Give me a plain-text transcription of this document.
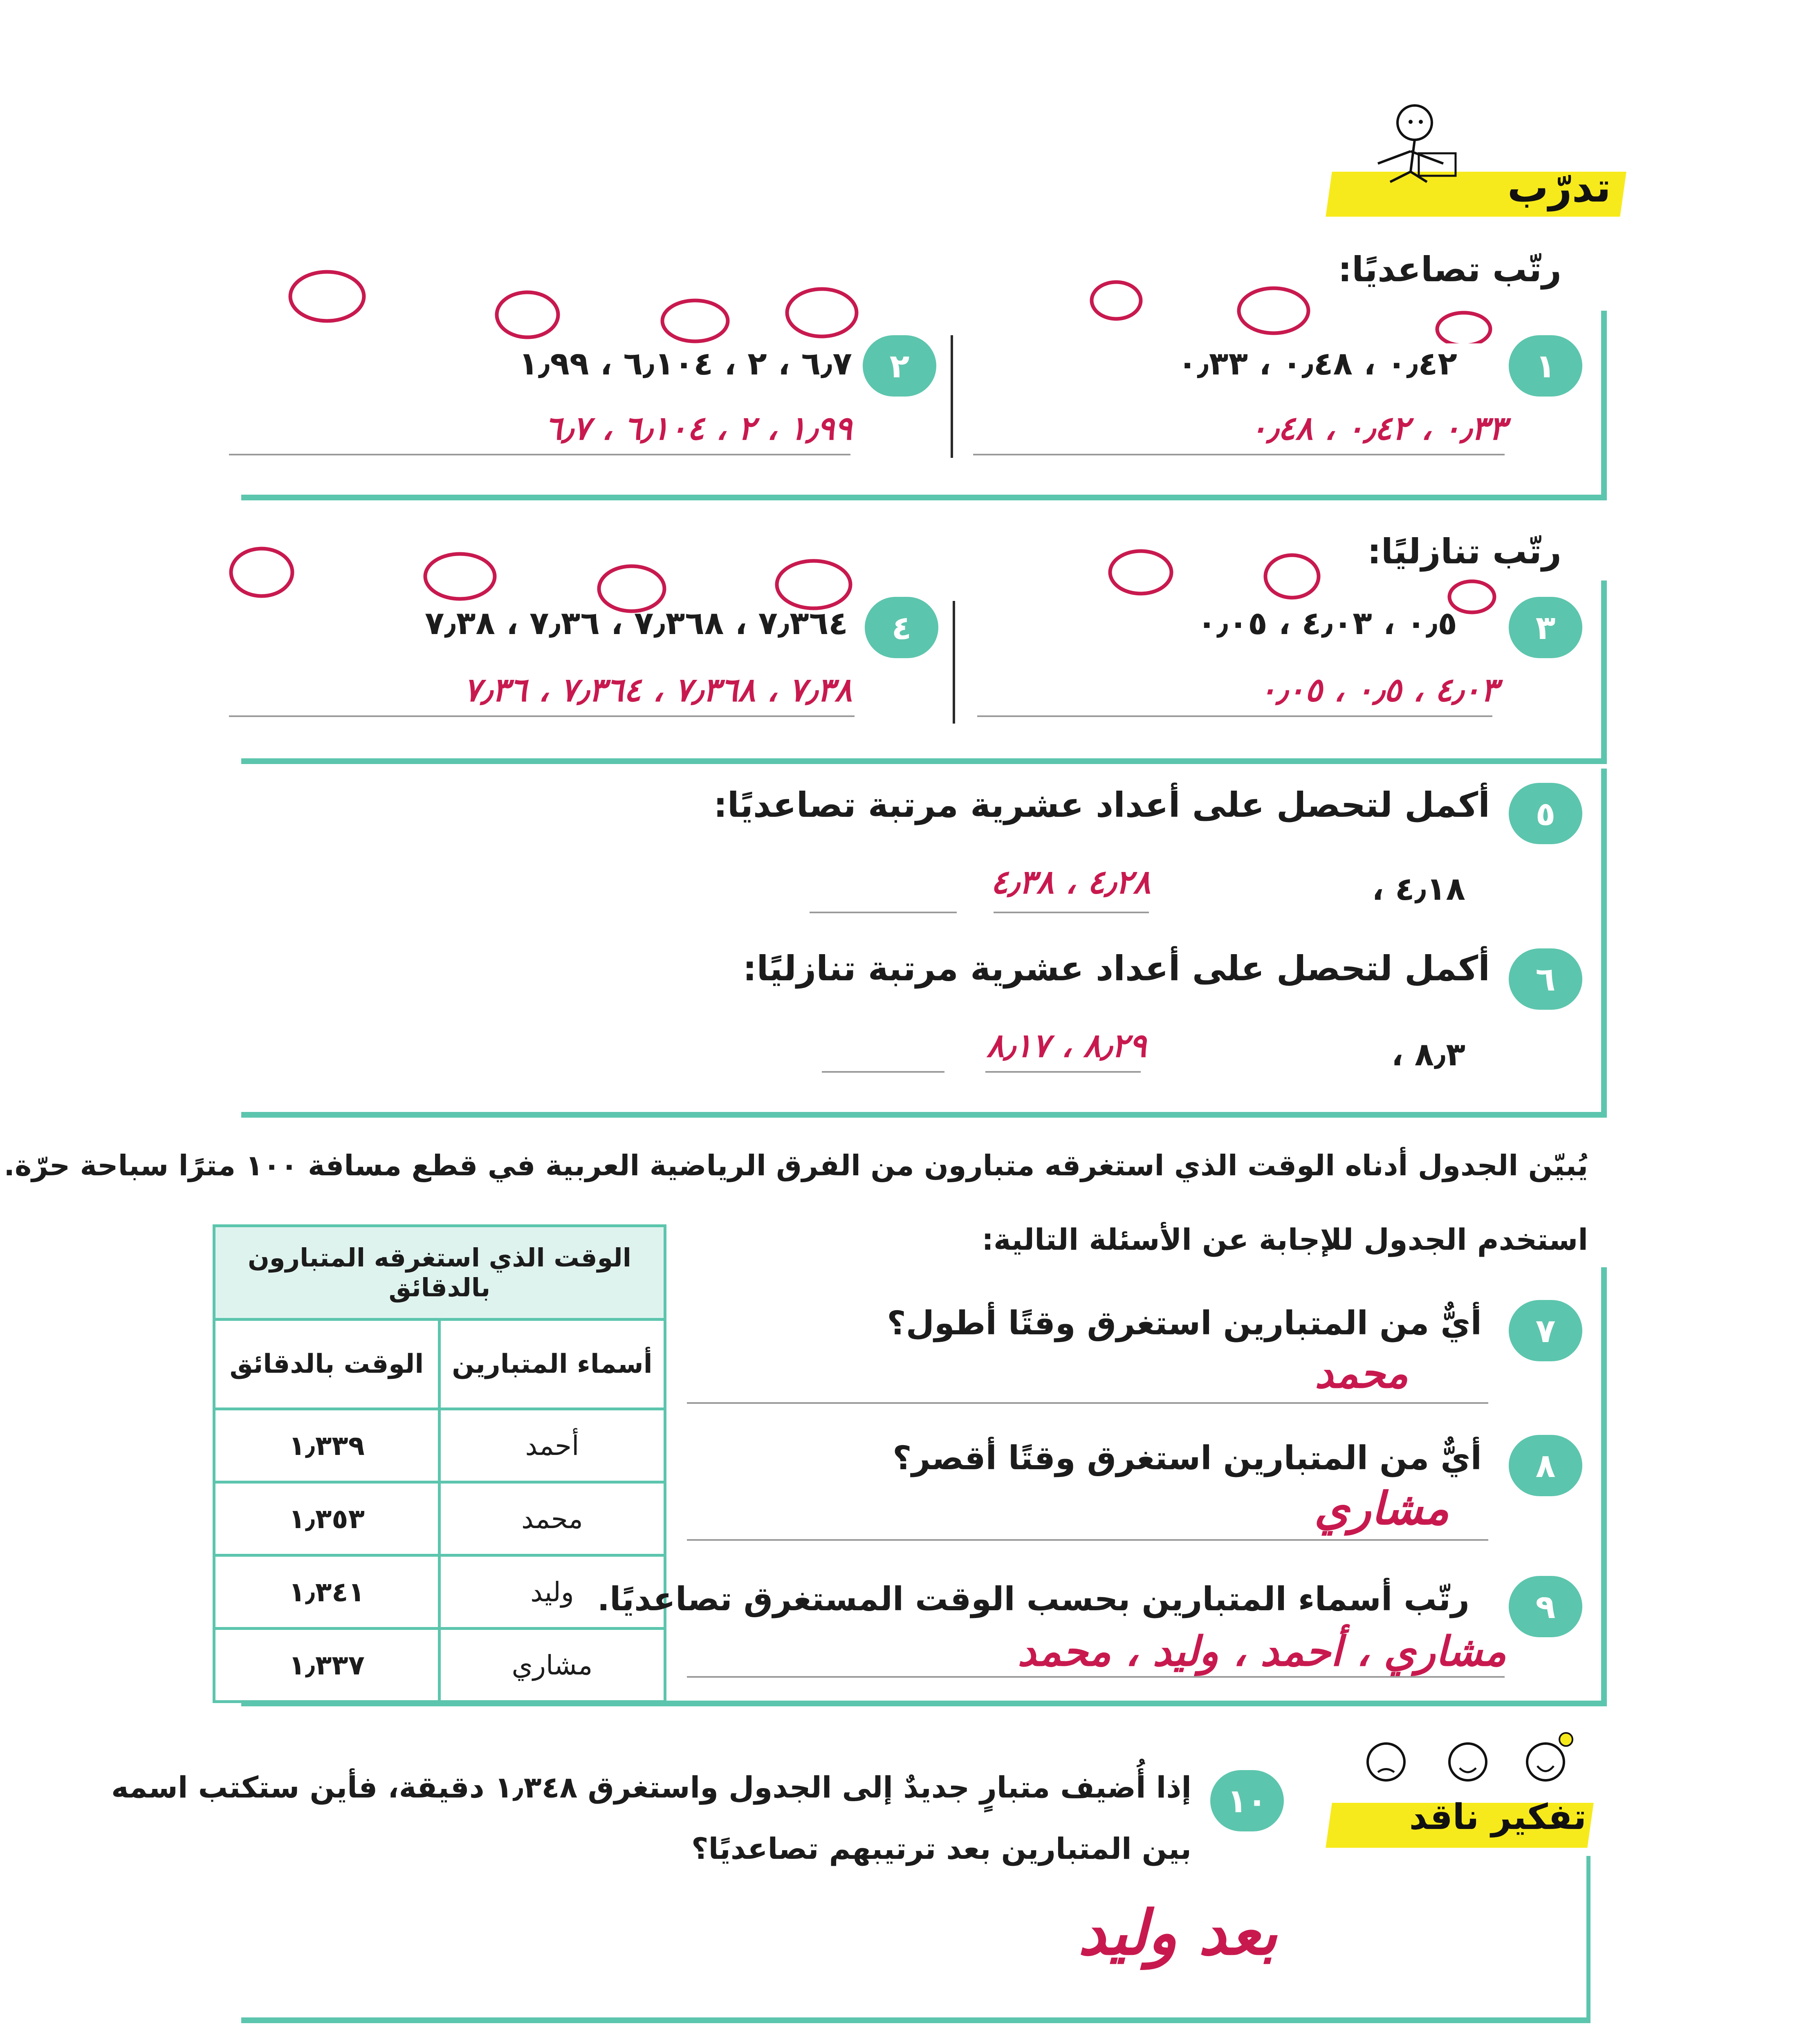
تدرّب
رتّب تصاعديًا:
١
٠٫٤٢ ، ٠٫٤٨ ، ٠٫٣٣
٠٫٣٣ ، ٠٫٤٢ ، ٠٫٤٨
٢
٦٫٧ ، ٢ ، ٦٫١٠٤ ، ١٫٩٩
١٫٩٩ ، ٢ ، ٦٫١٠٤ ، ٦٫٧
رتّب تنازليًا:
٣
٠٫٥ ، ٤٫٠٣ ، ٠٫٠٥
٤٫٠٣ ، ٠٫٥ ، ٠٫٠٥
٤
٧٫٣٦٤ ، ٧٫٣٦٨ ، ٧٫٣٦ ، ٧٫٣٨
٧٫٣٨ ، ٧٫٣٦٨ ، ٧٫٣٦٤ ، ٧٫٣٦
٥
أكمل لتحصل على أعداد عشرية مرتبة تصاعديًا:
٤٫١٨ ،
٤٫٢٨ ، ٤٫٣٨
٦
أكمل لتحصل على أعداد عشرية مرتبة تنازليًا:
٨٫٣ ،
٨٫٢٩ ، ٨٫١٧
يُبيّن الجدول أدناه الوقت الذي استغرقه متبارون من الفرق الرياضية العربية في قطع مسافة ١٠٠ مترًا سباحة حرّة.
استخدم الجدول للإجابة عن الأسئلة التالية:
الوقت الذي استغرقه المتبارون بالدقائق	
أسماء المتبارين	الوقت بالدقائق
أحمد	١٫٣٣٩
محمد	١٫٣٥٣
وليد	١٫٣٤١
مشاري	١٫٣٣٧
٧
أيٌّ من المتبارين استغرق وقتًا أطول؟
محمد
٨
أيٌّ من المتبارين استغرق وقتًا أقصر؟
مشاري
٩
رتّب أسماء المتبارين بحسب الوقت المستغرق تصاعديًا.
مشاري ، أحمد ، وليد ، محمد
تفكير ناقد
١٠
إذا أُضيف متبارٍ جديدٌ إلى الجدول واستغرق ١٫٣٤٨ دقيقة، فأين ستكتب اسمه
بين المتبارين بعد ترتيبهم تصاعديًا؟
بعد وليد
